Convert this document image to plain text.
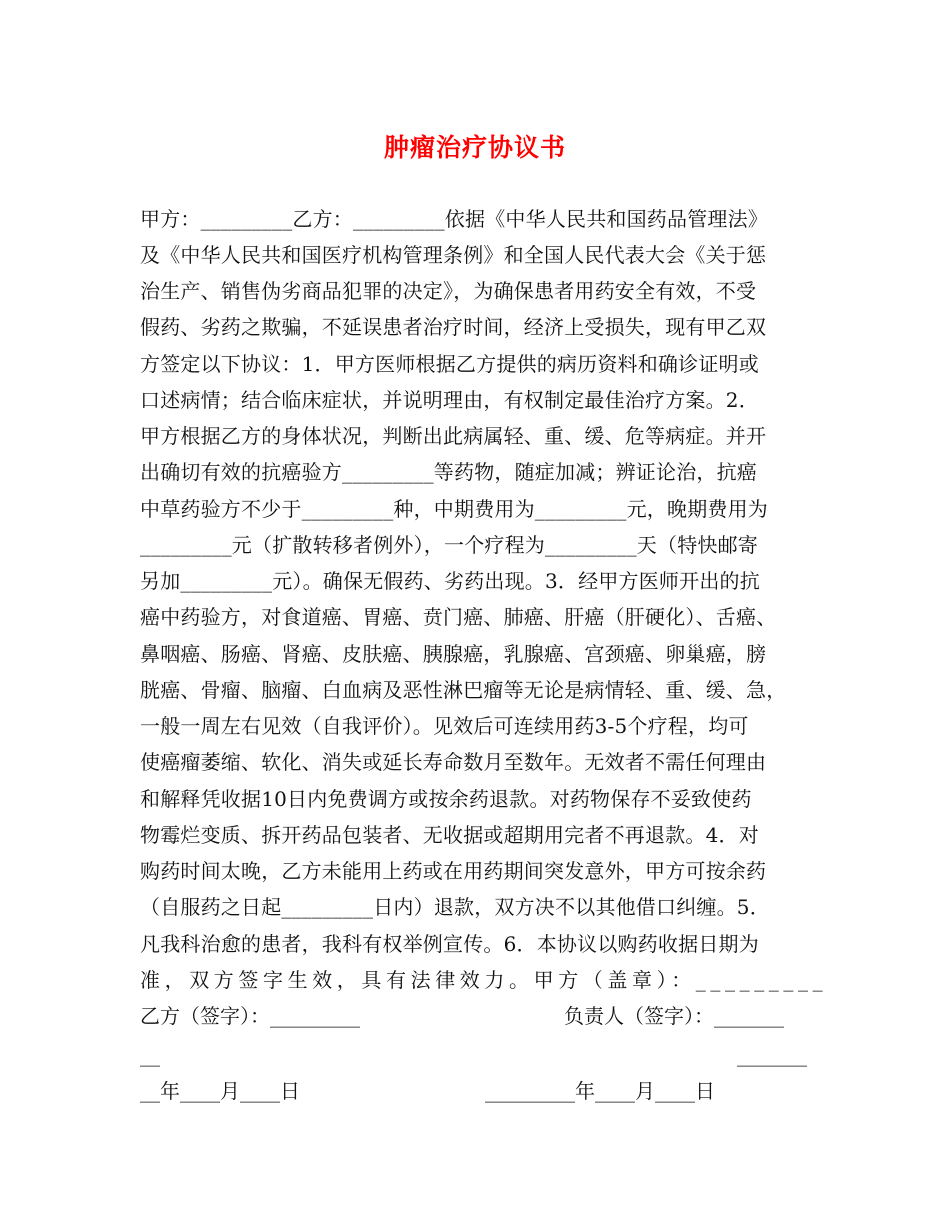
肿瘤治疗协议书
甲方：_________乙方：_________依据《中华人民共和国药品管理法》
及《中华人民共和国医疗机构管理条例》和全国人民代表大会《关于惩
治生产、销售伪劣商品犯罪的决定》，为确保患者用药安全有效，不受
假药、劣药之欺骗，不延误患者治疗时间，经济上受损失，现有甲乙双
方签定以下协议：1．甲方医师根据乙方提供的病历资料和确诊证明或
口述病情；结合临床症状，并说明理由，有权制定最佳治疗方案。2．
甲方根据乙方的身体状况，判断出此病属轻、重、缓、危等病症。并开
出确切有效的抗癌验方_________等药物，随症加减；辨证论治，抗癌
中草药验方不少于_________种，中期费用为_________元，晚期费用为
_________元（扩散转移者例外），一个疗程为_________天（特快邮寄
另加_________元）。确保无假药、劣药出现。3．经甲方医师开出的抗
癌中药验方，对食道癌、胃癌、贲门癌、肺癌、肝癌（肝硬化）、舌癌、
鼻咽癌、肠癌、肾癌、皮肤癌、胰腺癌，乳腺癌、宫颈癌、卵巢癌，膀
胱癌、骨瘤、脑瘤、白血病及恶性淋巴瘤等无论是病情轻、重、缓、急，
一般一周左右见效（自我评价）。见效后可连续用药3-5个疗程，均可
使癌瘤萎缩、软化、消失或延长寿命数月至数年。无效者不需任何理由
和解释凭收据10日内免费调方或按余药退款。对药物保存不妥致使药
物霉烂变质、拆开药品包装者、无收据或超期用完者不再退款。4．对
购药时间太晚，乙方未能用上药或在用药期间突发意外，甲方可按余药
（自服药之日起_________日内）退款，双方决不以其他借口纠缠。5．
凡我科治愈的患者，我科有权举例宣传。6．本协议以购药收据日期为
准，双方签字生效，具有法律效力。甲方（盖章）：_________
乙方（签字）：_________	负责人（签字）：_______
__	_______
__年____月____日	_________年____月____日
